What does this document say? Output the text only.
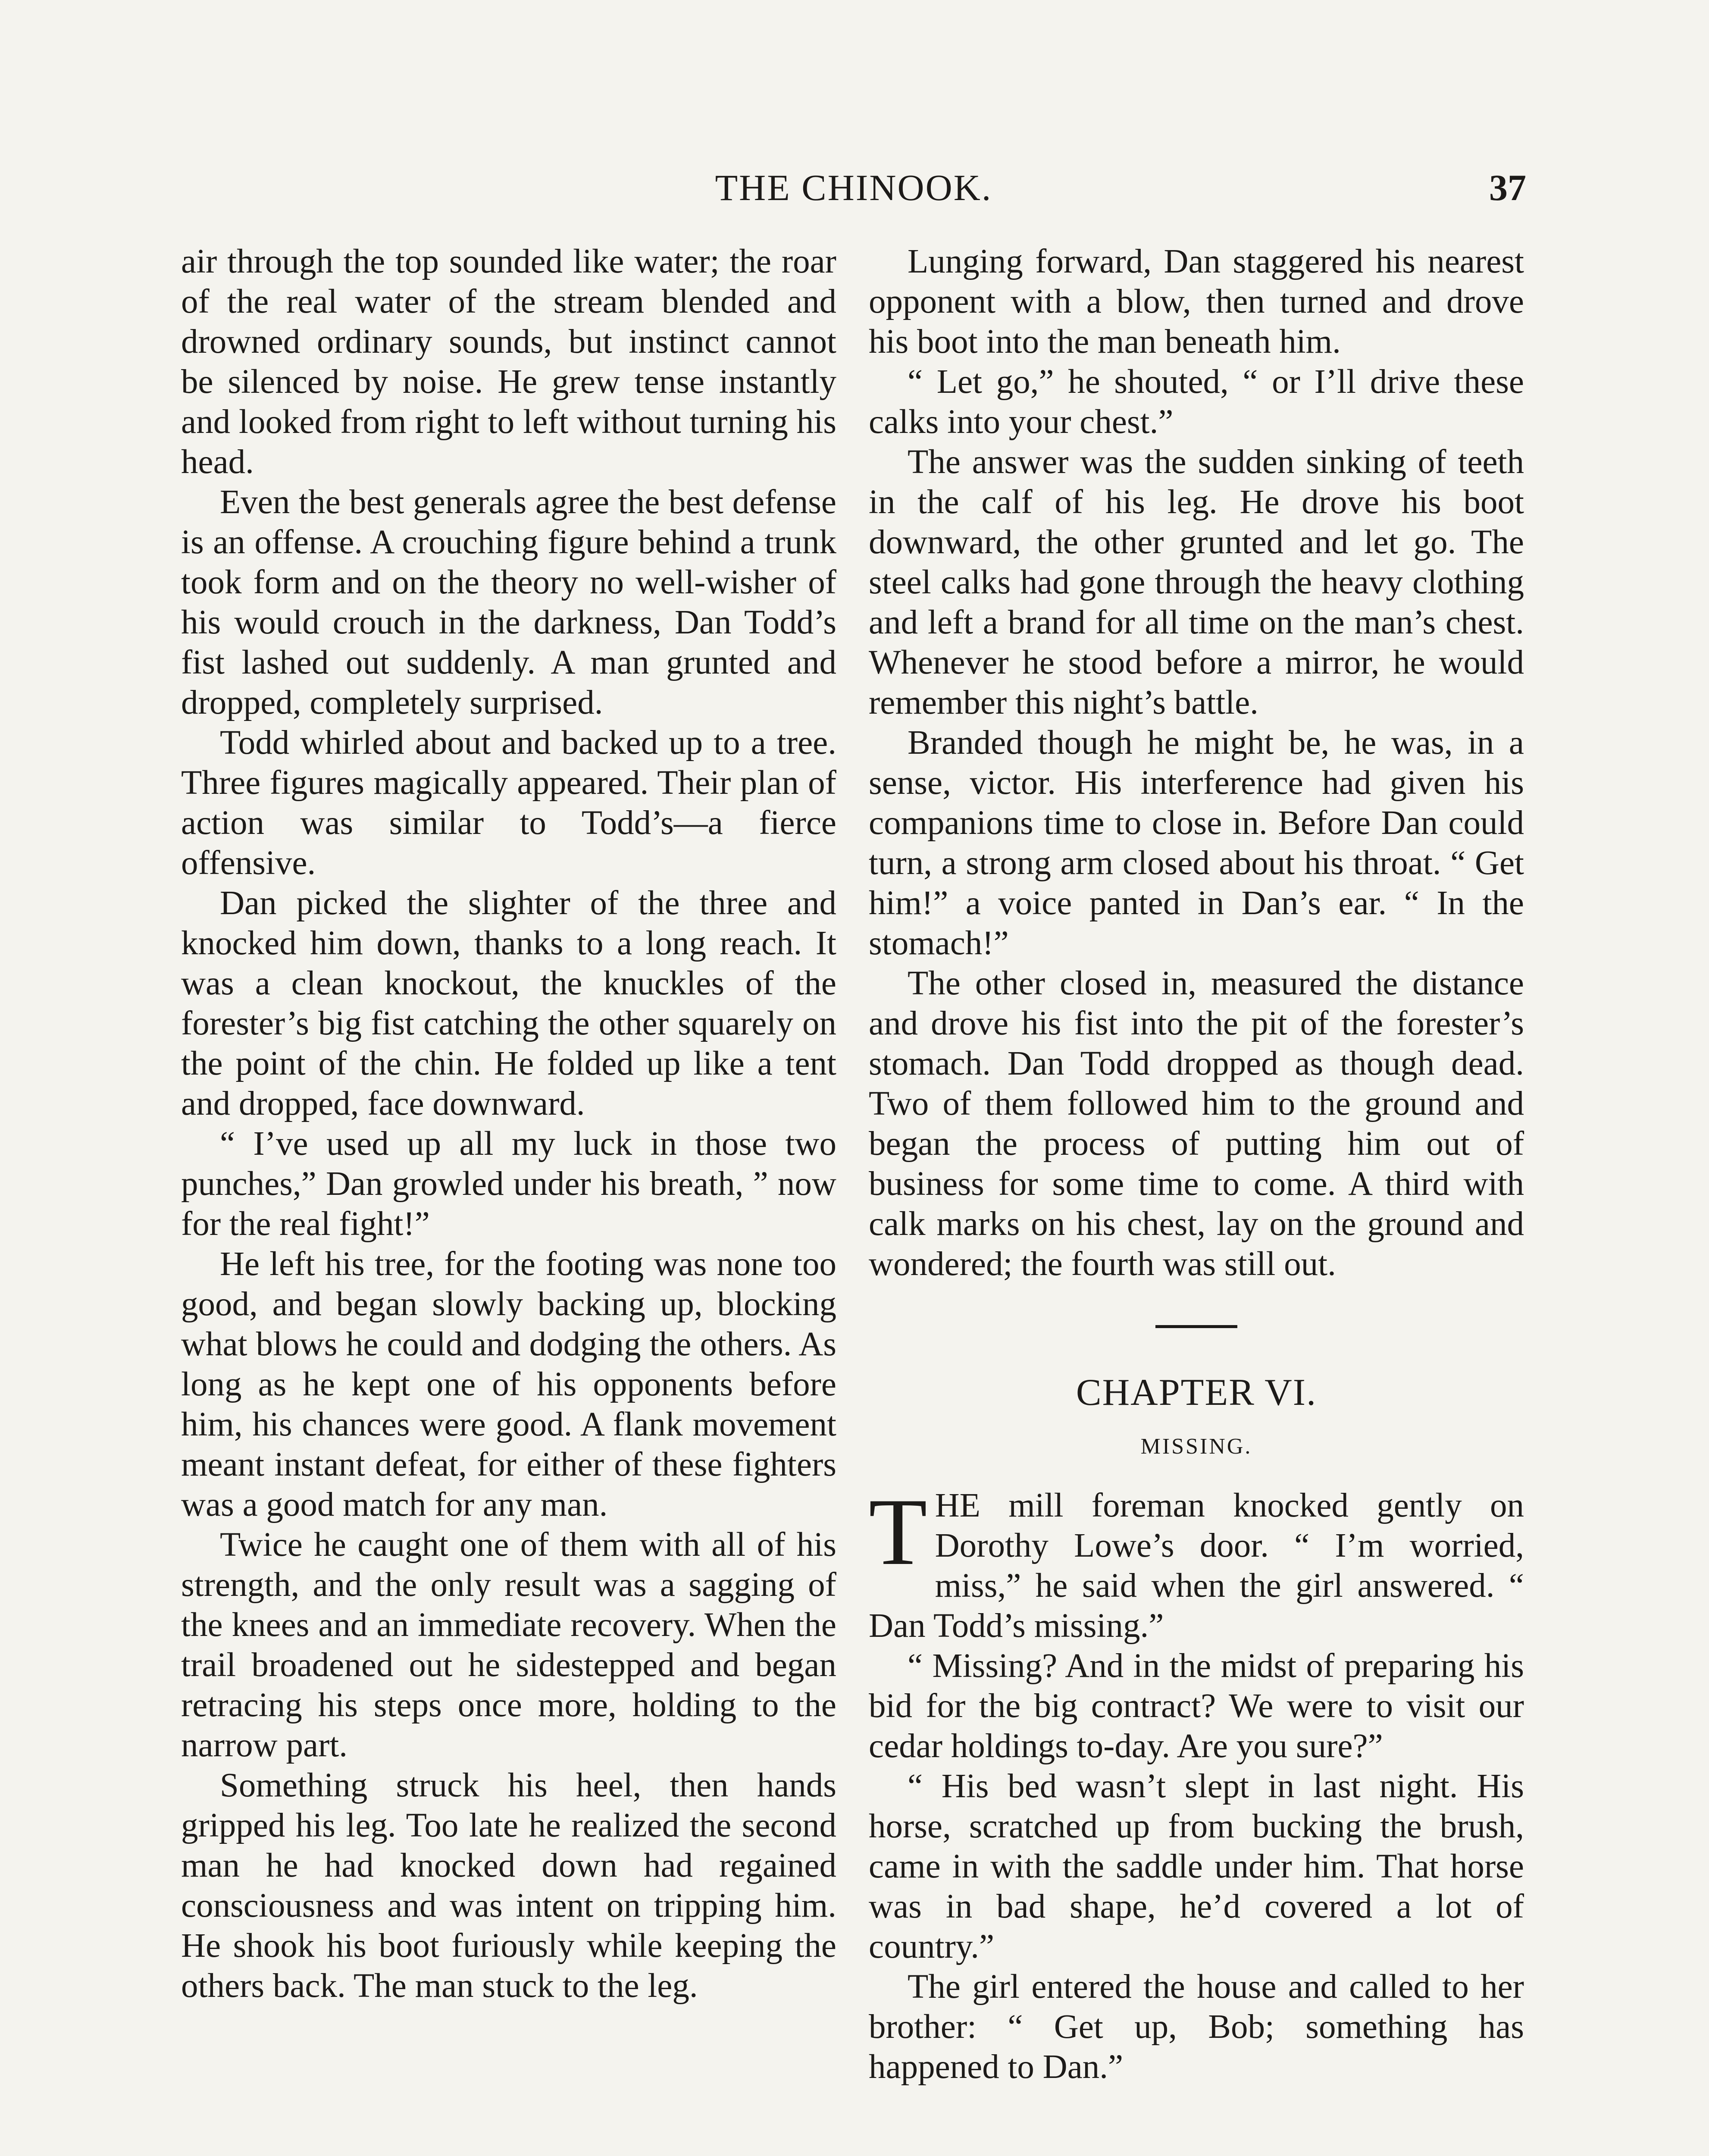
THE CHINOOK.	37

air through the top sounded like water; the roar of the real water of the stream blended and drowned ordinary sounds, but instinct cannot be silenced by noise. He grew tense instantly and looked from right to left without turning his head.

Even the best generals agree the best defense is an offense. A crouching figure behind a trunk took form and on the theory no well-wisher of his would crouch in the darkness, Dan Todd’s fist lashed out suddenly. A man grunted and dropped, completely surprised.

Todd whirled about and backed up to a tree. Three figures magically appeared. Their plan of action was similar to Todd’s—a fierce offensive.

Dan picked the slighter of the three and knocked him down, thanks to a long reach. It was a clean knockout, the knuckles of the forester’s big fist catching the other squarely on the point of the chin. He folded up like a tent and dropped, face downward.

“ I’ve used up all my luck in those two punches,” Dan growled under his breath, ” now for the real fight!”

He left his tree, for the footing was none too good, and began slowly backing up, blocking what blows he could and dodging the others. As long as he kept one of his opponents before him, his chances were good. A flank movement meant instant defeat, for either of these fighters was a good match for any man.

Twice he caught one of them with all of his strength, and the only result was a sagging of the knees and an immediate recovery. When the trail broadened out he sidestepped and began retracing his steps once more, holding to the narrow part.

Something struck his heel, then hands gripped his leg. Too late he realized the second man he had knocked down had regained consciousness and was intent on tripping him. He shook his boot furiously while keeping the others back. The man stuck to the leg.

Lunging forward, Dan staggered his nearest opponent with a blow, then turned and drove his boot into the man beneath him.

“ Let go,” he shouted, “ or I’ll drive these calks into your chest.”

The answer was the sudden sinking of teeth in the calf of his leg. He drove his boot downward, the other grunted and let go. The steel calks had gone through the heavy clothing and left a brand for all time on the man’s chest. Whenever he stood before a mirror, he would remember this night’s battle.

Branded though he might be, he was, in a sense, victor. His interference had given his companions time to close in. Before Dan could turn, a strong arm closed about his throat. “ Get him!” a voice panted in Dan’s ear. “ In the stomach!”

The other closed in, measured the distance and drove his fist into the pit of the forester’s stomach. Dan Todd dropped as though dead. Two of them followed him to the ground and began the process of putting him out of business for some time to come. A third with calk marks on his chest, lay on the ground and wondered; the fourth was still out.

CHAPTER VI.
MISSING.

THE mill foreman knocked gently on Dorothy Lowe’s door. “ I’m worried, miss,” he said when the girl answered. “ Dan Todd’s missing.”

“ Missing? And in the midst of preparing his bid for the big contract? We were to visit our cedar holdings to-day. Are you sure?”

“ His bed wasn’t slept in last night. His horse, scratched up from bucking the brush, came in with the saddle under him. That horse was in bad shape, he’d covered a lot of country.”

The girl entered the house and called to her brother: “ Get up, Bob; something has happened to Dan.”
